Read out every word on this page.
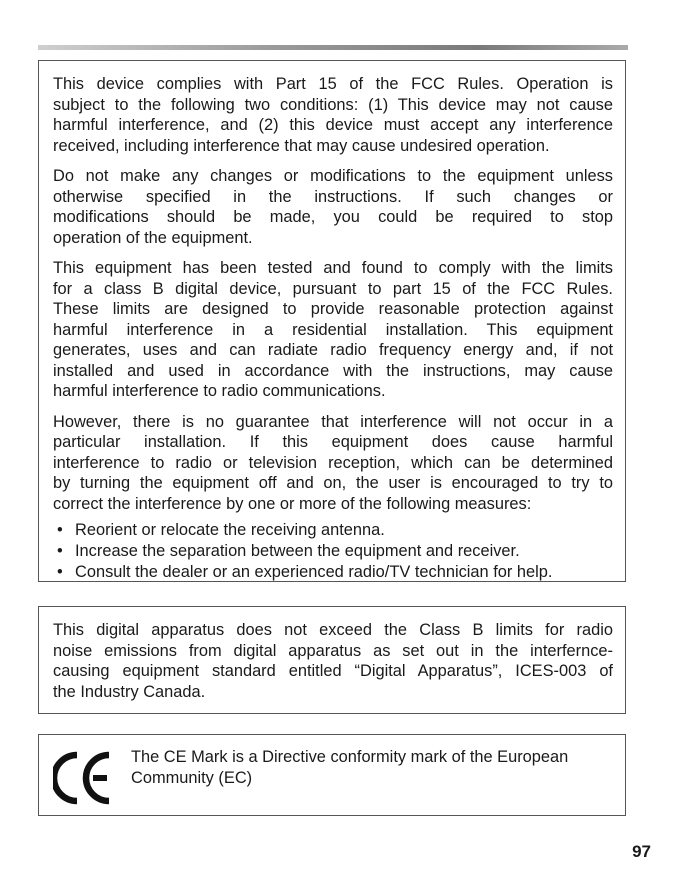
This device complies with Part 15 of the FCC Rules. Operation is

subject to the following two conditions: (1) This device may not cause

harmful interference, and (2) this device must accept any interference

received, including interference that may cause undesired operation.

Do not make any changes or modifications to the equipment unless

otherwise specified in the instructions. If such changes or

modifications should be made, you could be required to stop

operation of the equipment.

This equipment has been tested and found to comply with the limits

for a class B digital device, pursuant to part 15 of the FCC Rules.

These limits are designed to provide reasonable protection against

harmful interference in a residential installation. This equipment

generates, uses and can radiate radio frequency energy and, if not

installed and used in accordance with the instructions, may cause

harmful interference to radio communications.

However, there is no guarantee that interference will not occur in a

particular installation. If this equipment does cause harmful

interference to radio or television reception, which can be determined

by turning the equipment off and on, the user is encouraged to try to

correct the interference by one or more of the following measures:

• Reorient or relocate the receiving antenna.
• Increase the separation between the equipment and receiver.
• Consult the dealer or an experienced radio/TV technician for help.

This digital apparatus does not exceed the Class B limits for radio

noise emissions from digital apparatus as set out in the interfernce-

causing equipment standard entitled “Digital Apparatus”, ICES-003 of

the Industry Canada.

The CE Mark is a Directive conformity mark of the European

Community (EC)

97
